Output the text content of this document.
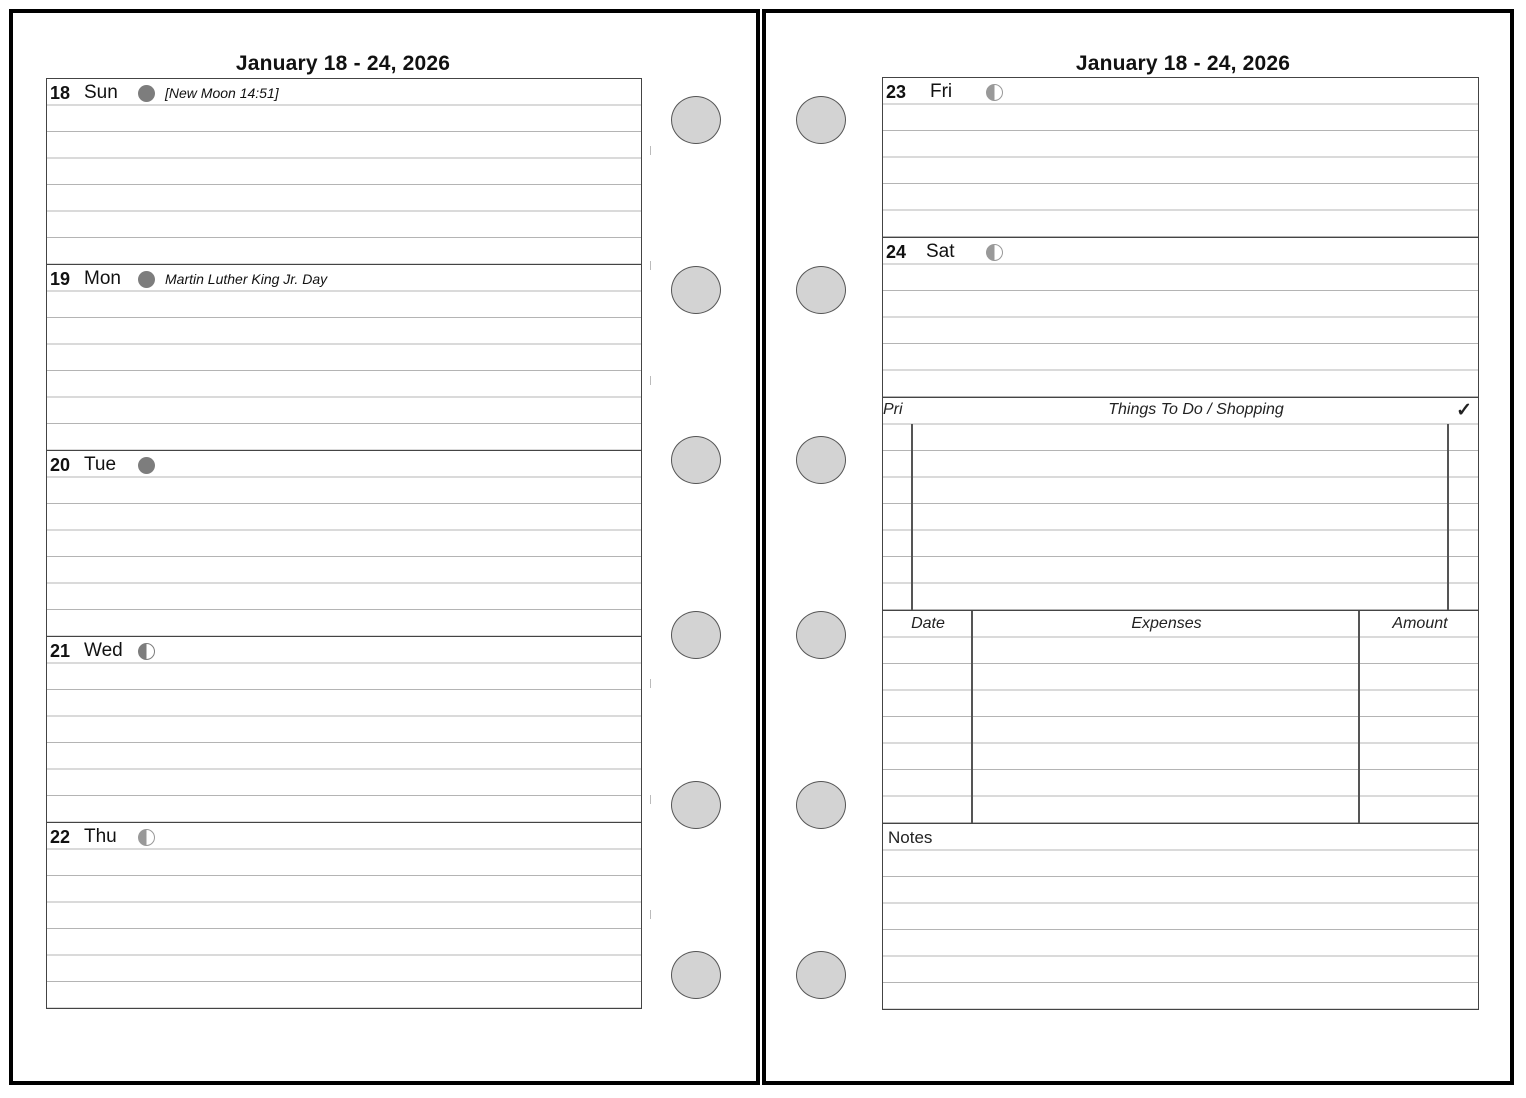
January 18 - 24, 2026
18 Sun	[New Moon 14:51]
19 Mon	Martin Luther King Jr. Day
20 Tue
21 Wed
22 Thu
January 18 - 24, 2026
23	Fri
24	Sat
Pri	Things To Do / Shopping	✓
Date	Expenses	Amount
Notes
